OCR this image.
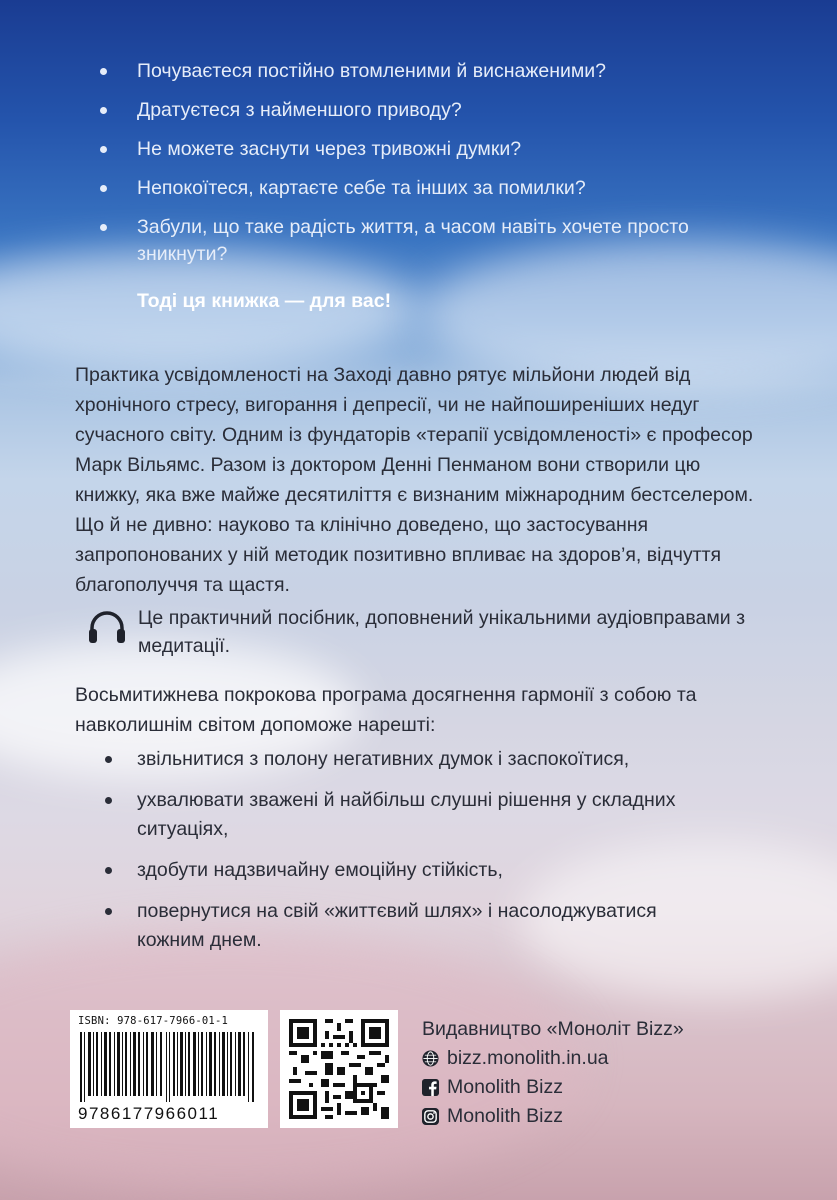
Почуваєтеся постійно втомленими й виснаженими?
Дратуєтеся з найменшого приводу?
Не можете заснути через тривожні думки?
Непокоїтеся, картаєте себе та інших за помилки?
Забули, що таке радість життя, а часом навіть хочете просто зникнути?
Тоді ця книжка — для вас!

Практика усвідомленості на Заході давно рятує мільйони людей від хронічного стресу, вигорання і депресії, чи не найпоширеніших недуг сучасного світу. Одним із фундаторів «терапії усвідомленості» є професор Марк Вільямс. Разом із доктором Денні Пенманом вони створили цю книжку, яка вже майже десятиліття є визнаним міжнародним бестселером. Що й не дивно: науково та клінічно доведено, що застосування запропонованих у ній методик позитивно впливає на здоров’я, відчуття благополуччя та щастя.

Це практичний посібник, доповнений унікальними аудіовправами з медитації.

Восьмитижнева покрокова програма досягнення гармонії з собою та навколишнім світом допоможе нарешті:

звільнитися з полону негативних думок і заспокоїтися,
ухвалювати зважені й найбільш слушні рішення у складних ситуаціях,
здобути надзвичайну емоційну стійкість,
повернутися на свій «життєвий шлях» і насолоджуватися кожним днем.
ISBN: 978-617-7966-01-1
9786177966011
Видавництво «Моноліт Bizz»
bizz.monolith.in.ua
Monolith Bizz
Monolith Bizz
